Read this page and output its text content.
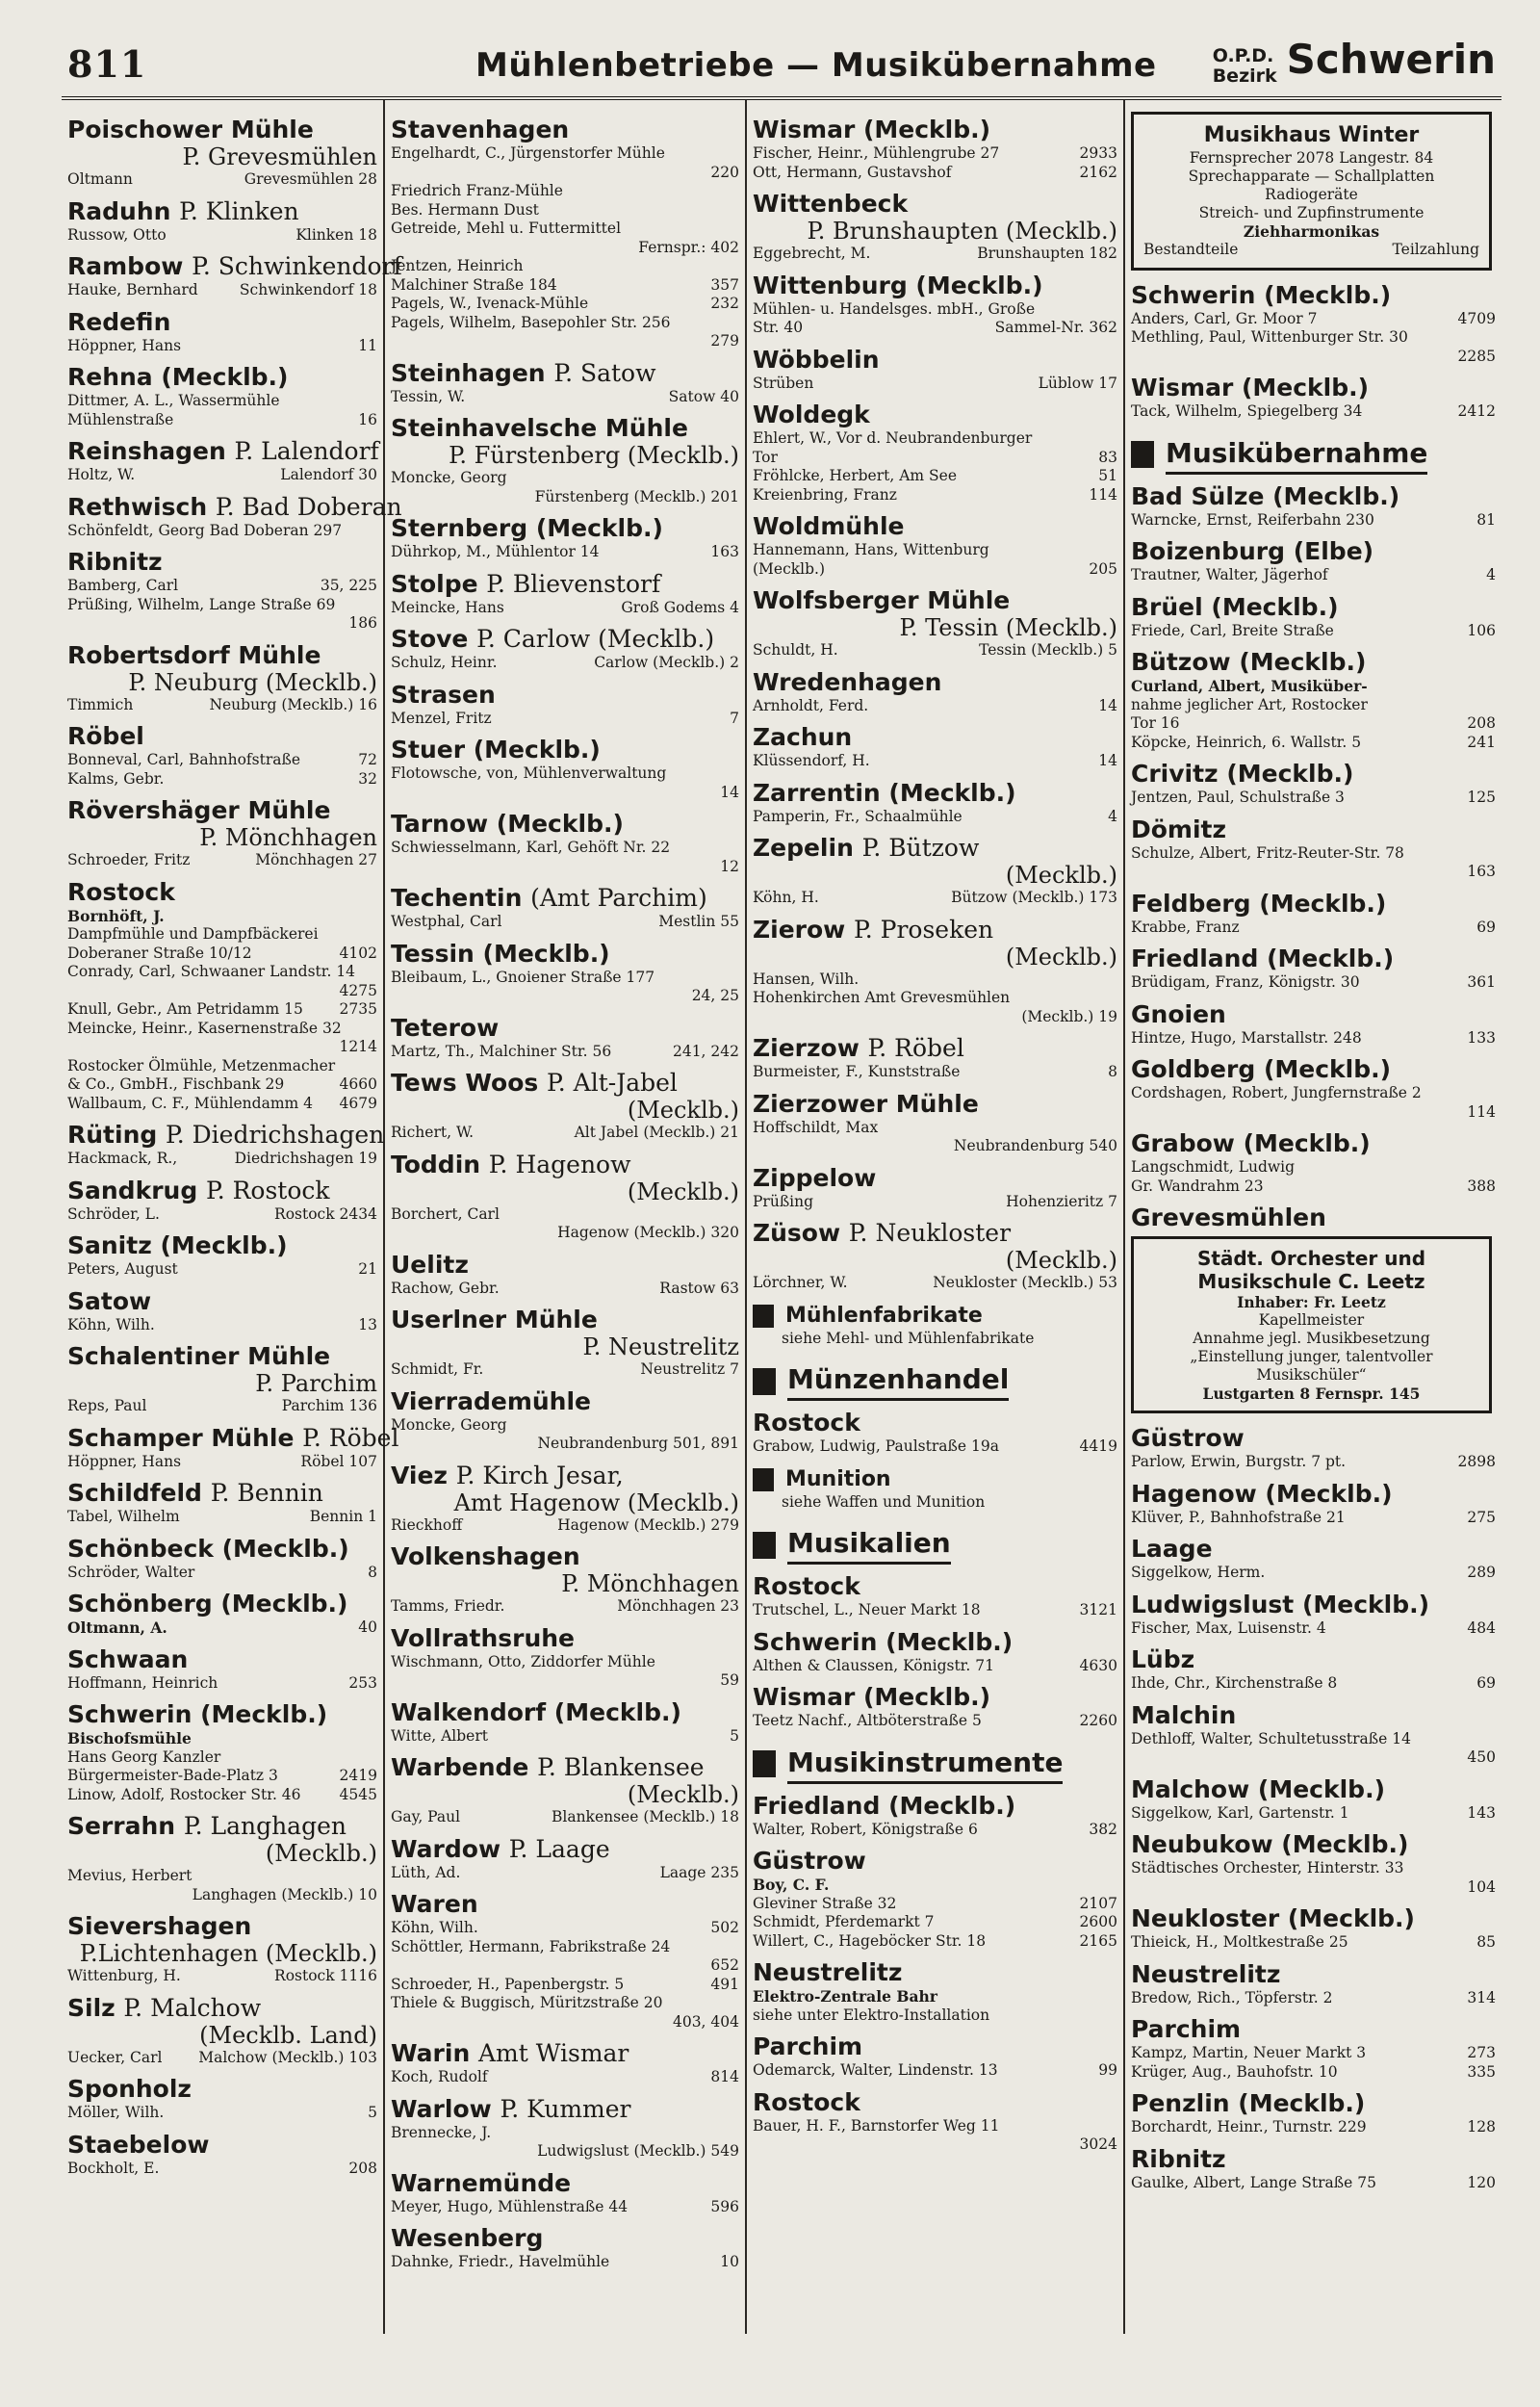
811	Mühlenbetriebe — Musikübernahme	O.P.D.
Bezirk Schwerin
Poischower Mühle
P. Grevesmühlen
Oltmann	Grevesmühlen 28
Raduhn P. Klinken
Russow, Otto	Klinken 18
Rambow P. Schwinkendorf
Hauke, Bernhard	Schwinkendorf 18
Redefin
Höppner, Hans	11
Rehna (Mecklb.)
Dittmer, A. L., Wassermühle
Mühlenstraße	16
Reinshagen P. Lalendorf
Holtz, W.	Lalendorf 30
Rethwisch P. Bad Doberan
Schönfeldt, Georg Bad Doberan 297
Ribnitz
Bamberg, Carl	35, 225
Prüßing, Wilhelm, Lange Straße 69
186
Robertsdorf Mühle
P. Neuburg (Mecklb.)
Timmich	Neuburg (Mecklb.) 16
Röbel
Bonneval, Carl, Bahnhofstraße	72
Kalms, Gebr.	32
Rövershäger Mühle
P. Mönchhagen
Schroeder, Fritz	Mönchhagen 27
Rostock
Bornhöft, J.
Dampfmühle und Dampfbäckerei
Doberaner Straße 10/12	4102
Conrady, Carl, Schwaaner Landstr. 14
4275
Knull, Gebr., Am Petridamm 15	2735
Meincke, Heinr., Kasernenstraße 32
1214
Rostocker Ölmühle, Metzenmacher
& Co., GmbH., Fischbank 29	4660
Wallbaum, C. F., Mühlendamm 4	4679
Rüting P. Diedrichshagen
Hackmack, R.,	Diedrichshagen 19
Sandkrug P. Rostock
Schröder, L.	Rostock 2434
Sanitz (Mecklb.)
Peters, August	21
Satow
Köhn, Wilh.	13
Schalentiner Mühle
P. Parchim
Reps, Paul	Parchim 136
Schamper Mühle P. Röbel
Höppner, Hans	Röbel 107
Schildfeld P. Bennin
Tabel, Wilhelm	Bennin 1
Schönbeck (Mecklb.)
Schröder, Walter	8
Schönberg (Mecklb.)
Oltmann, A.	40
Schwaan
Hoffmann, Heinrich	253
Schwerin (Mecklb.)
Bischofsmühle
Hans Georg Kanzler
Bürgermeister-Bade-Platz 3	2419
Linow, Adolf, Rostocker Str. 46	4545
Serrahn P. Langhagen
(Mecklb.)
Mevius, Herbert
Langhagen (Mecklb.) 10
Sievershagen
P.Lichtenhagen (Mecklb.)
Wittenburg, H.	Rostock 1116
Silz P. Malchow
(Mecklb. Land)
Uecker, Carl	Malchow (Mecklb.) 103
Sponholz
Möller, Wilh.	5
Staebelow
Bockholt, E.	208
Stavenhagen
Engelhardt, C., Jürgenstorfer Mühle
220
Friedrich Franz-Mühle
Bes. Hermann Dust
Getreide, Mehl u. Futtermittel
Fernspr.: 402
Jentzen, Heinrich
Malchiner Straße 184	357
Pagels, W., Ivenack-Mühle	232
Pagels, Wilhelm, Basepohler Str. 256
279
Steinhagen P. Satow
Tessin, W.	Satow 40
Steinhavelsche Mühle
P. Fürstenberg (Mecklb.)
Moncke, Georg
Fürstenberg (Mecklb.) 201
Sternberg (Mecklb.)
Dührkop, M., Mühlentor 14	163
Stolpe P. Blievenstorf
Meincke, Hans	Groß Godems 4
Stove P. Carlow (Mecklb.)
Schulz, Heinr.	Carlow (Mecklb.) 2
Strasen
Menzel, Fritz	7
Stuer (Mecklb.)
Flotowsche, von, Mühlenverwaltung
14
Tarnow (Mecklb.)
Schwiesselmann, Karl, Gehöft Nr. 22
12
Techentin (Amt Parchim)
Westphal, Carl	Mestlin 55
Tessin (Mecklb.)
Bleibaum, L., Gnoiener Straße 177
24, 25
Teterow
Martz, Th., Malchiner Str. 56	241, 242
Tews Woos P. Alt-Jabel
(Mecklb.)
Richert, W.	Alt Jabel (Mecklb.) 21
Toddin P. Hagenow
(Mecklb.)
Borchert, Carl
Hagenow (Mecklb.) 320
Uelitz
Rachow, Gebr.	Rastow 63
Userlner Mühle
P. Neustrelitz
Schmidt, Fr.	Neustrelitz 7
Vierrademühle
Moncke, Georg
Neubrandenburg 501, 891
Viez P. Kirch Jesar,
Amt Hagenow (Mecklb.)
Rieckhoff	Hagenow (Mecklb.) 279
Volkenshagen
P. Mönchhagen
Tamms, Friedr.	Mönchhagen 23
Vollrathsruhe
Wischmann, Otto, Ziddorfer Mühle
59
Walkendorf (Mecklb.)
Witte, Albert	5
Warbende P. Blankensee
(Mecklb.)
Gay, Paul	Blankensee (Mecklb.) 18
Wardow P. Laage
Lüth, Ad.	Laage 235
Waren
Köhn, Wilh.	502
Schöttler, Hermann, Fabrikstraße 24
652
Schroeder, H., Papenbergstr. 5	491
Thiele & Buggisch, Müritzstraße 20
403, 404
Warin Amt Wismar
Koch, Rudolf	814
Warlow P. Kummer
Brennecke, J.
Ludwigslust (Mecklb.) 549
Warnemünde
Meyer, Hugo, Mühlenstraße 44	596
Wesenberg
Dahnke, Friedr., Havelmühle	10
Wismar (Mecklb.)
Fischer, Heinr., Mühlengrube 27	2933
Ott, Hermann, Gustavshof	2162
Wittenbeck
P. Brunshaupten (Mecklb.)
Eggebrecht, M.	Brunshaupten 182
Wittenburg (Mecklb.)
Mühlen- u. Handelsges. mbH., Große
Str. 40	Sammel-Nr. 362
Wöbbelin
Strüben	Lüblow 17
Woldegk
Ehlert, W., Vor d. Neubrandenburger
Tor	83
Fröhlcke, Herbert, Am See	51
Kreienbring, Franz	114
Woldmühle
Hannemann, Hans, Wittenburg
(Mecklb.)	205
Wolfsberger Mühle
P. Tessin (Mecklb.)
Schuldt, H.	Tessin (Mecklb.) 5
Wredenhagen
Arnholdt, Ferd.	14
Zachun
Klüssendorf, H.	14
Zarrentin (Mecklb.)
Pamperin, Fr., Schaalmühle	4
Zepelin P. Bützow
(Mecklb.)
Köhn, H.	Bützow (Mecklb.) 173
Zierow P. Proseken
(Mecklb.)
Hansen, Wilh.
Hohenkirchen Amt Grevesmühlen
(Mecklb.) 19
Zierzow P. Röbel
Burmeister, F., Kunststraße	8
Zierzower Mühle
Hoffschildt, Max
Neubrandenburg 540
Zippelow
Prüßing	Hohenzieritz 7
Züsow P. Neukloster
(Mecklb.)
Lörchner, W.	Neukloster (Mecklb.) 53
Mühlenfabrikate
siehe Mehl- und Mühlenfabrikate
Münzenhandel
Rostock
Grabow, Ludwig, Paulstraße 19a	4419
Munition
siehe Waffen und Munition
Musikalien
Rostock
Trutschel, L., Neuer Markt 18	3121
Schwerin (Mecklb.)
Althen & Claussen, Königstr. 71	4630
Wismar (Mecklb.)
Teetz Nachf., Altböterstraße 5	2260
Musikinstrumente
Friedland (Mecklb.)
Walter, Robert, Königstraße 6	382
Güstrow
Boy, C. F.
Gleviner Straße 32	2107
Schmidt, Pferdemarkt 7	2600
Willert, C., Hageböcker Str. 18	2165
Neustrelitz
Elektro-Zentrale Bahr
siehe unter Elektro-Installation
Parchim
Odemarck, Walter, Lindenstr. 13	99
Rostock
Bauer, H. F., Barnstorfer Weg 11
3024
Musikhaus Winter
Fernsprecher 2078 Langestr. 84
Sprechapparate — Schallplatten
Radiogeräte
Streich- und Zupfinstrumente
Ziehharmonikas
Bestandteile	Teilzahlung
Schwerin (Mecklb.)
Anders, Carl, Gr. Moor 7	4709
Methling, Paul, Wittenburger Str. 30
2285
Wismar (Mecklb.)
Tack, Wilhelm, Spiegelberg 34	2412
Musikübernahme
Bad Sülze (Mecklb.)
Warncke, Ernst, Reiferbahn 230	81
Boizenburg (Elbe)
Trautner, Walter, Jägerhof	4
Brüel (Mecklb.)
Friede, Carl, Breite Straße	106
Bützow (Mecklb.)
Curland, Albert, Musiküber-
nahme jeglicher Art, Rostocker
Tor 16	208
Köpcke, Heinrich, 6. Wallstr. 5	241
Crivitz (Mecklb.)
Jentzen, Paul, Schulstraße 3	125
Dömitz
Schulze, Albert, Fritz-Reuter-Str. 78
163
Feldberg (Mecklb.)
Krabbe, Franz	69
Friedland (Mecklb.)
Brüdigam, Franz, Königstr. 30	361
Gnoien
Hintze, Hugo, Marstallstr. 248	133
Goldberg (Mecklb.)
Cordshagen, Robert, Jungfernstraße 2
114
Grabow (Mecklb.)
Langschmidt, Ludwig
Gr. Wandrahm 23	388
Grevesmühlen
Städt. Orchester und
Musikschule C. Leetz
Inhaber: Fr. Leetz
Kapellmeister
Annahme jegl. Musikbesetzung
„Einstellung junger, talentvoller
Musikschüler“
Lustgarten 8 Fernspr. 145
Güstrow
Parlow, Erwin, Burgstr. 7 pt.	2898
Hagenow (Mecklb.)
Klüver, P., Bahnhofstraße 21	275
Laage
Siggelkow, Herm.	289
Ludwigslust (Mecklb.)
Fischer, Max, Luisenstr. 4	484
Lübz
Ihde, Chr., Kirchenstraße 8	69
Malchin
Dethloff, Walter, Schultetusstraße 14
450
Malchow (Mecklb.)
Siggelkow, Karl, Gartenstr. 1	143
Neubukow (Mecklb.)
Städtisches Orchester, Hinterstr. 33
104
Neukloster (Mecklb.)
Thieick, H., Moltkestraße 25	85
Neustrelitz
Bredow, Rich., Töpferstr. 2	314
Parchim
Kampz, Martin, Neuer Markt 3	273
Krüger, Aug., Bauhofstr. 10	335
Penzlin (Mecklb.)
Borchardt, Heinr., Turnstr. 229	128
Ribnitz
Gaulke, Albert, Lange Straße 75	120
